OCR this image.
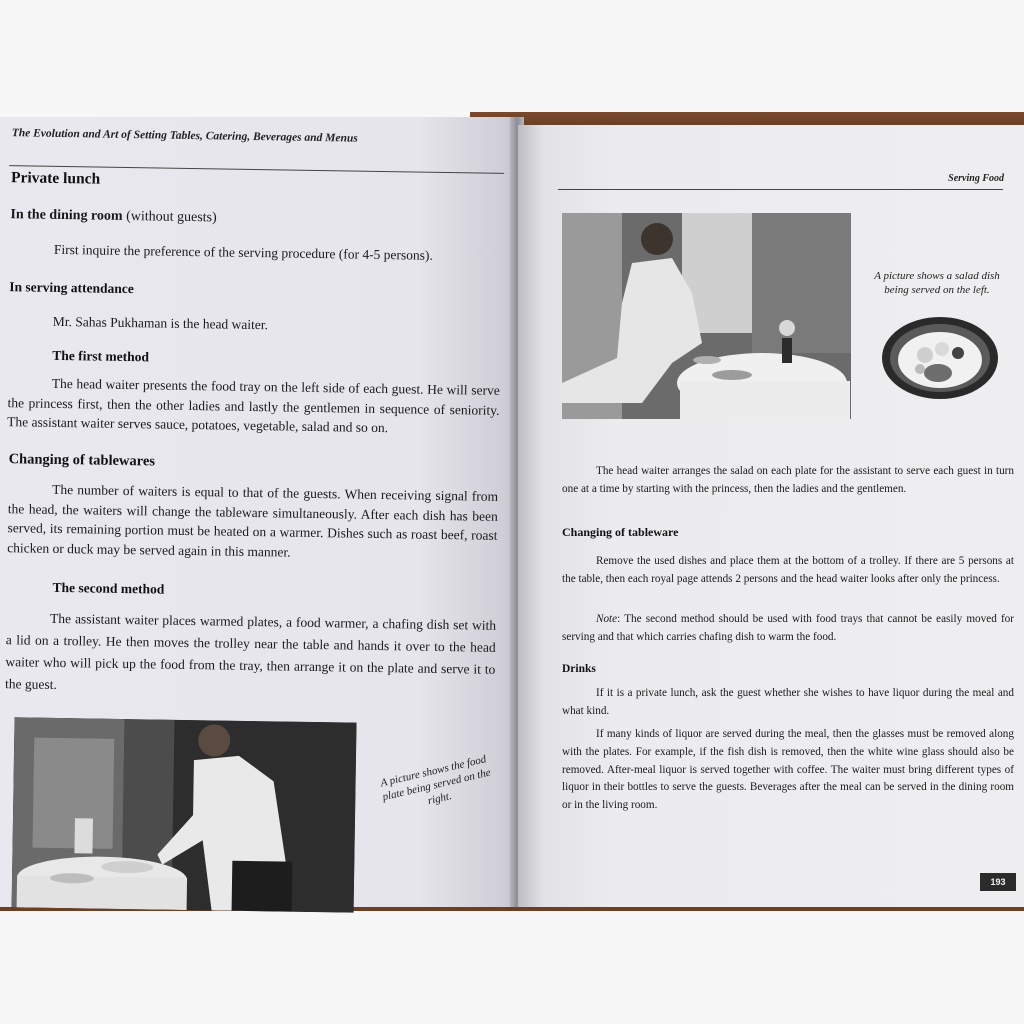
The Evolution and Art of Setting Tables, Catering, Beverages and Menus
Private lunch
In the dining room (without guests)
First inquire the preference of the serving procedure (for 4-5 persons).
In serving attendance
Mr. Sahas Pukhaman is the head waiter.
The first method
The head waiter presents the food tray on the left side of each guest. He will serve the princess first, then the other ladies and lastly the gentlemen in sequence of seniority. The assistant waiter serves sauce, potatoes, vegetable, salad and so on.
Changing of tablewares
The number of waiters is equal to that of the guests. When receiving signal from the head, the waiters will change the tableware simultaneously. After each dish has been served, its remaining portion must be heated on a warmer. Dishes such as roast beef, roast chicken or duck may be served again in this manner.
The second method
The assistant waiter places warmed plates, a food warmer, a chafing dish set with a lid on a trolley. He then moves the trolley near the table and hands it over to the head waiter who will pick up the food from the tray, then arrange it on the plate and serve it to the guest.
A picture shows the food plate being served on the right.
Serving Food
A picture shows a salad dish being served on the left.
The head waiter arranges the salad on each plate for the assistant to serve each guest in turn one at a time by starting with the princess, then the ladies and the gentlemen.
Changing of tableware
Remove the used dishes and place them at the bottom of a trolley. If there are 5 persons at the table, then each royal page attends 2 persons and the head waiter looks after only the princess.
Note: The second method should be used with food trays that cannot be easily moved for serving and that which carries chafing dish to warm the food.
Drinks
If it is a private lunch, ask the guest whether she wishes to have liquor during the meal and what kind.
If many kinds of liquor are served during the meal, then the glasses must be removed along with the plates. For example, if the fish dish is removed, then the white wine glass should also be removed. After-meal liquor is served together with coffee. The waiter must bring different types of liquor in their bottles to serve the guests. Beverages after the meal can be served in the dining room or in the living room.
193
